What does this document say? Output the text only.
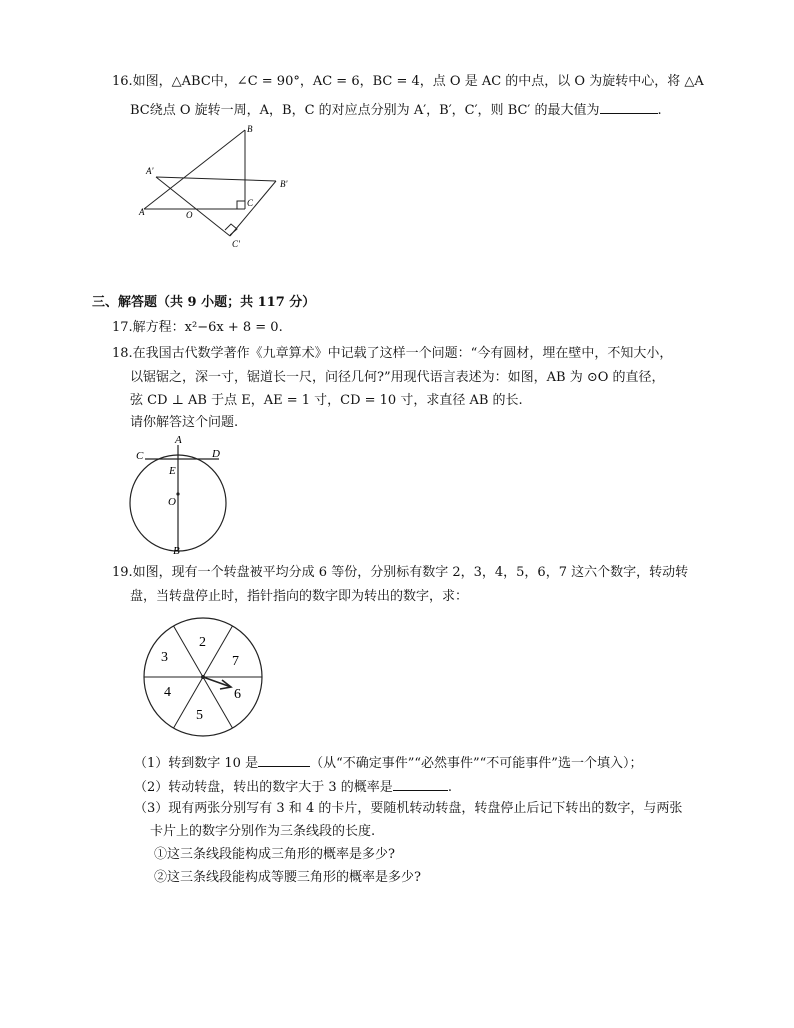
16.如图，△ABC中，∠C = 90°，AC = 6，BC = 4，点 O 是 AC 的中点，以 O 为旋转中心，将 △A
BC绕点 O 旋转一周，A，B，C 的对应点分别为 A′，B′，C′，则 BC′ 的最大值为	.
B
A'
B'
A	O
C
C'
三、解答题（共 9 小题；共 117 分）
17.解方程：x²−6x + 8 = 0.
18.在我国古代数学著作《九章算术》中记载了这样一个问题：“今有圆材，埋在壁中，不知大小，
以锯锯之，深一寸，锯道长一尺，问径几何?”用现代语言表述为：如图，AB 为 ⊙O 的直径，
弦 CD ⊥ AB 于点 E，AE = 1 寸，CD = 10 寸，求直径 AB 的长.
请你解答这个问题.
A
C	D
E
O
B
19.如图，现有一个转盘被平均分成 6 等份，分别标有数字 2，3，4，5，6，7 这六个数字，转动转
盘，当转盘停止时，指针指向的数字即为转出的数字，求：
2
7
6
5
4
3
（1）转到数字 10 是	（从“不确定事件”“必然事件”“不可能事件”选一个填入）；
（2）转动转盘，转出的数字大于 3 的概率是	.
（3）现有两张分别写有 3 和 4 的卡片，要随机转动转盘，转盘停止后记下转出的数字，与两张
卡片上的数字分别作为三条线段的长度.
①这三条线段能构成三角形的概率是多少?
②这三条线段能构成等腰三角形的概率是多少?
